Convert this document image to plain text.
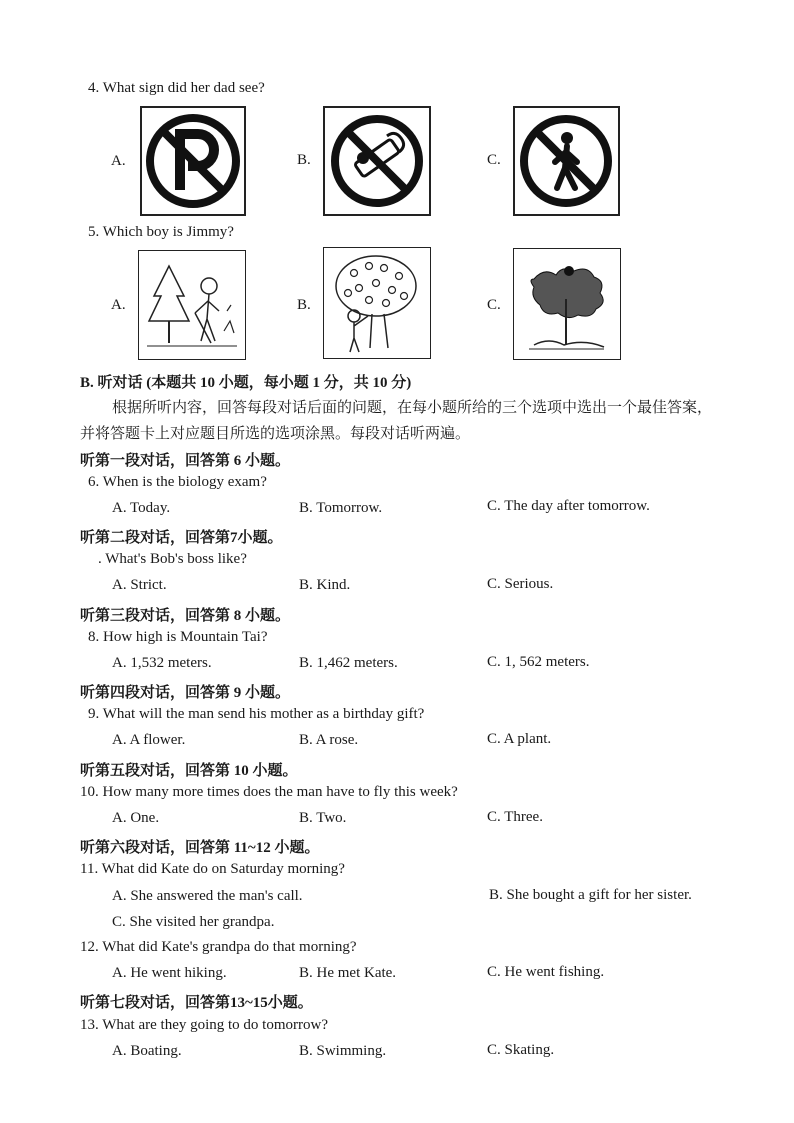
4. What sign did her dad see?
A.	B.	C.
5. Which boy is Jimmy?
A.	B.	C.
B. 听对话 (本题共 10 小题，每小题 1 分，共 10 分)
根据所听内容，回答每段对话后面的问题，在每小题所给的三个选项中选出一个最佳答案，
并将答题卡上对应题目所选的选项涂黑。每段对话听两遍。
听第一段对话，回答第 6 小题。
6. When is the biology exam?
A. Today.	B. Tomorrow.	C. The day after tomorrow.
听第二段对话，回答第7小题。
. What's Bob's boss like?
A. Strict.	B. Kind.	C. Serious.
听第三段对话，回答第 8 小题。
8. How high is Mountain Tai?
A. 1,532 meters.	B. 1,462 meters.	C. 1, 562 meters.
听第四段对话，回答第 9 小题。
9. What will the man send his mother as a birthday gift?
A. A flower.	B. A rose.	C. A plant.
听第五段对话，回答第 10 小题。
10. How many more times does the man have to fly this week?
A. One.	B. Two.	C. Three.
听第六段对话，回答第 11~12 小题。
11. What did Kate do on Saturday morning?
A. She answered the man's call.	B. She bought a gift for her sister.
C. She visited her grandpa.
12. What did Kate's grandpa do that morning?
A. He went hiking.	B. He met Kate.	C. He went fishing.
听第七段对话，回答第13~15小题。
13. What are they going to do tomorrow?
A. Boating.	B. Swimming.	C. Skating.
